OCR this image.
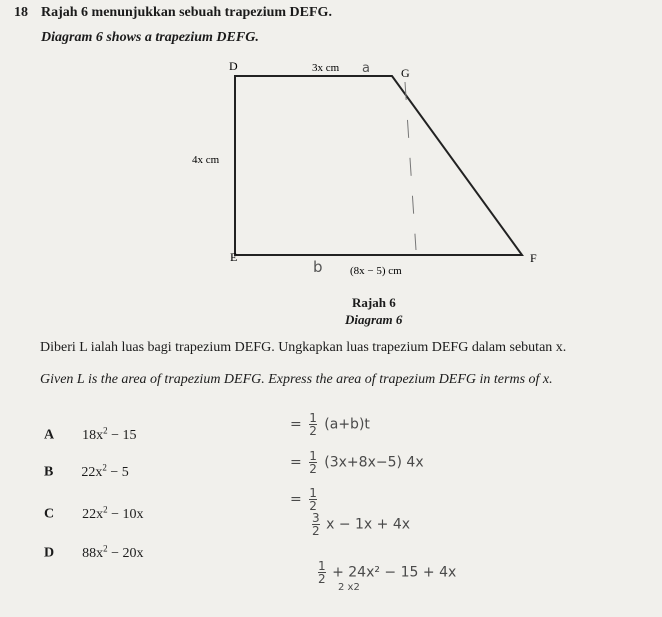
18 Rajah 6 menunjukkan sebuah trapezium DEFG.
Diagram 6 shows a trapezium DEFG.
D	G
E	F
3x cm
4x cm
(8x − 5) cm
a
b
Rajah 6
Diagram 6
Diberi L ialah luas bagi trapezium DEFG. Ungkapkan luas trapezium DEFG dalam sebutan x.
Given L is the area of trapezium DEFG. Express the area of trapezium DEFG in terms of x.
A $18x^2 - 15$
B $22x^2 - 5$
C $22x^2 - 10x$
D $88x^2 - 20x$
= $\frac{1}{2} (a+b)t$
= $\frac{1}{2} (3x+8x-5)$ 4x
= $\frac{1}{2}$
$\frac{3}{2}$ x − 1x + 4x
$\frac{1}{2} + 24x^2 - 15 + 4x$
2 x2
